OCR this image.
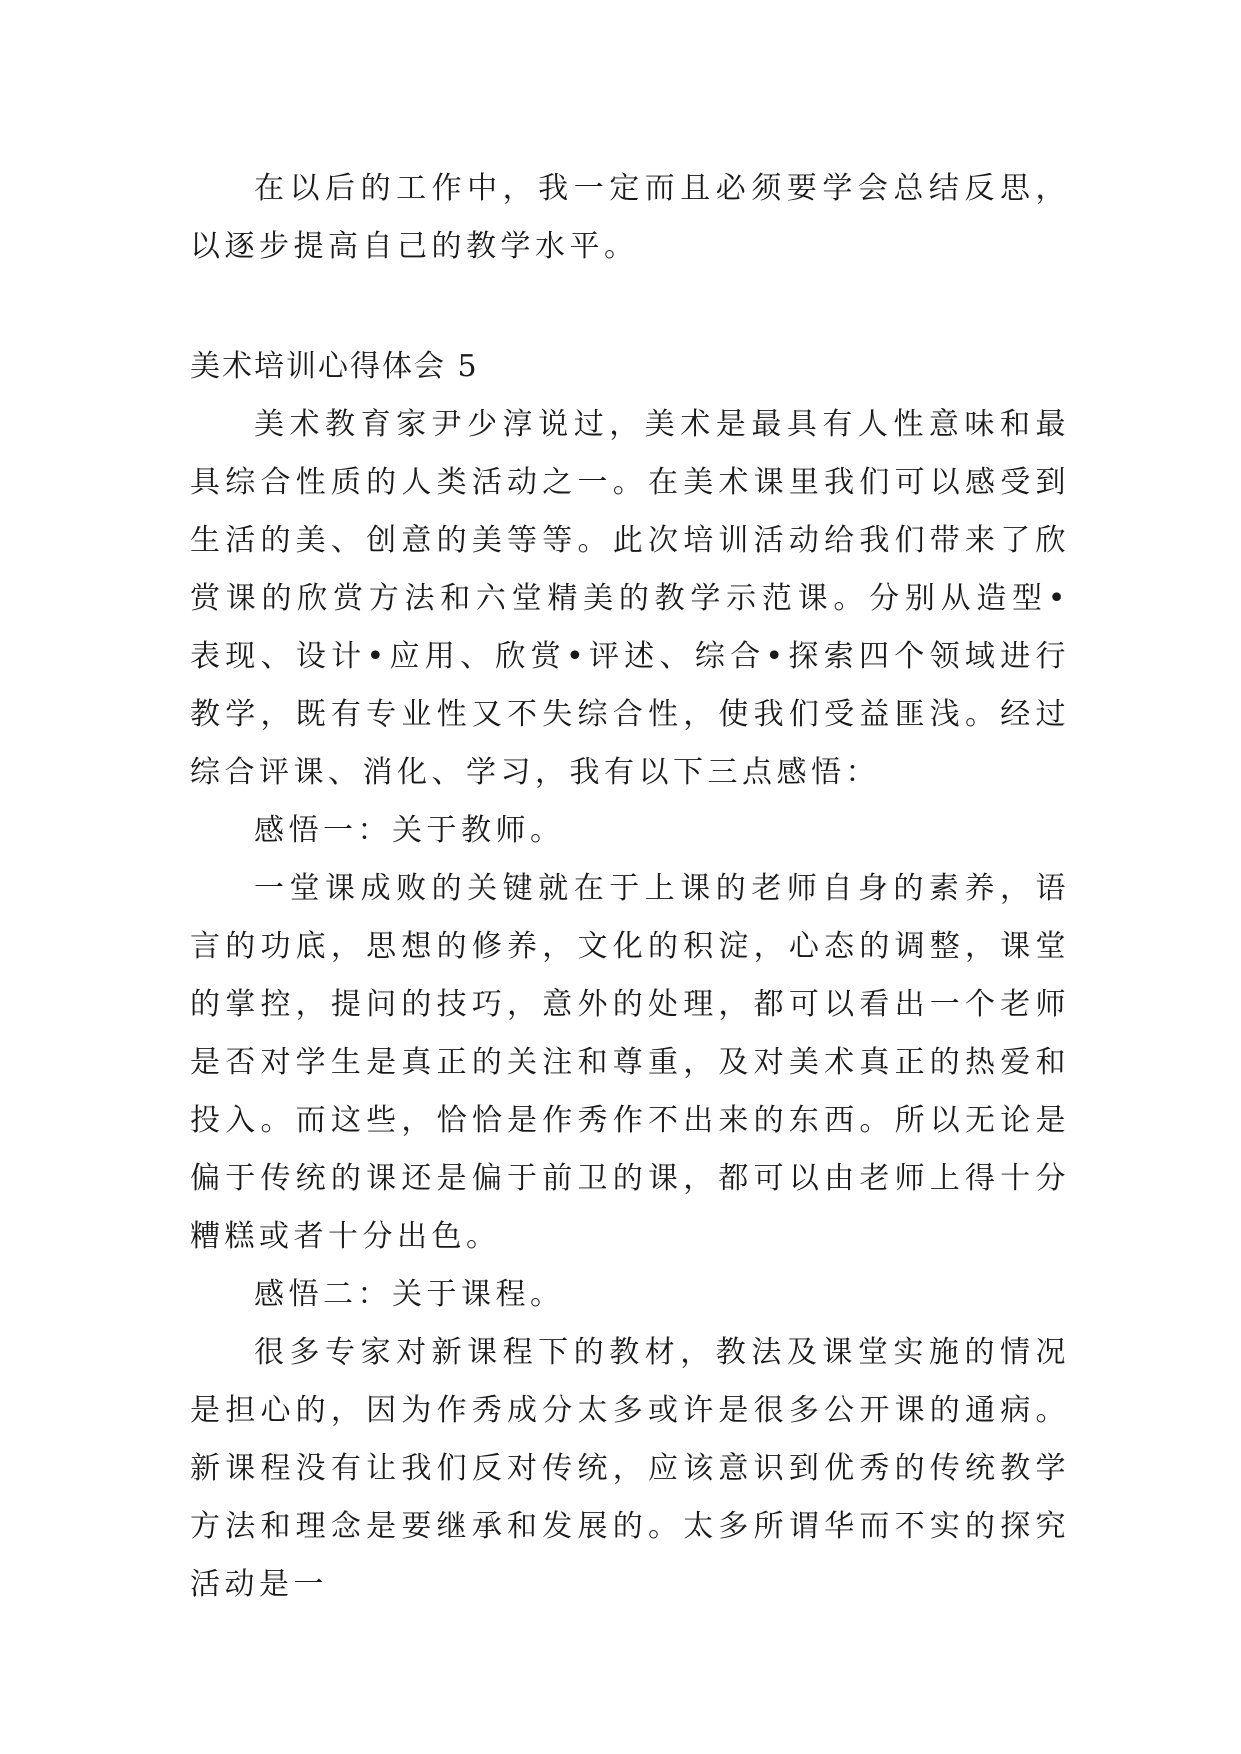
在以后的工作中，我一定而且必须要学会总结反思，以逐步提高自己的教学水平。

美术培训心得体会 5

美术教育家尹少淳说过，美术是最具有人性意味和最具综合性质的人类活动之一。在美术课里我们可以感受到生活的美、创意的美等等。此次培训活动给我们带来了欣赏课的欣赏方法和六堂精美的教学示范课。分别从造型•表现、设计•应用、欣赏•评述、综合•探索四个领域进行教学，既有专业性又不失综合性，使我们受益匪浅。经过综合评课、消化、学习，我有以下三点感悟：

感悟一：关于教师。

一堂课成败的关键就在于上课的老师自身的素养，语言的功底，思想的修养，文化的积淀，心态的调整，课堂的掌控，提问的技巧，意外的处理，都可以看出一个老师是否对学生是真正的关注和尊重，及对美术真正的热爱和投入。而这些，恰恰是作秀作不出来的东西。所以无论是偏于传统的课还是偏于前卫的课，都可以由老师上得十分糟糕或者十分出色。

感悟二：关于课程。

很多专家对新课程下的教材，教法及课堂实施的情况是担心的，因为作秀成分太多或许是很多公开课的通病。新课程没有让我们反对传统，应该意识到优秀的传统教学方法和理念是要继承和发展的。太多所谓华而不实的探究活动是一
